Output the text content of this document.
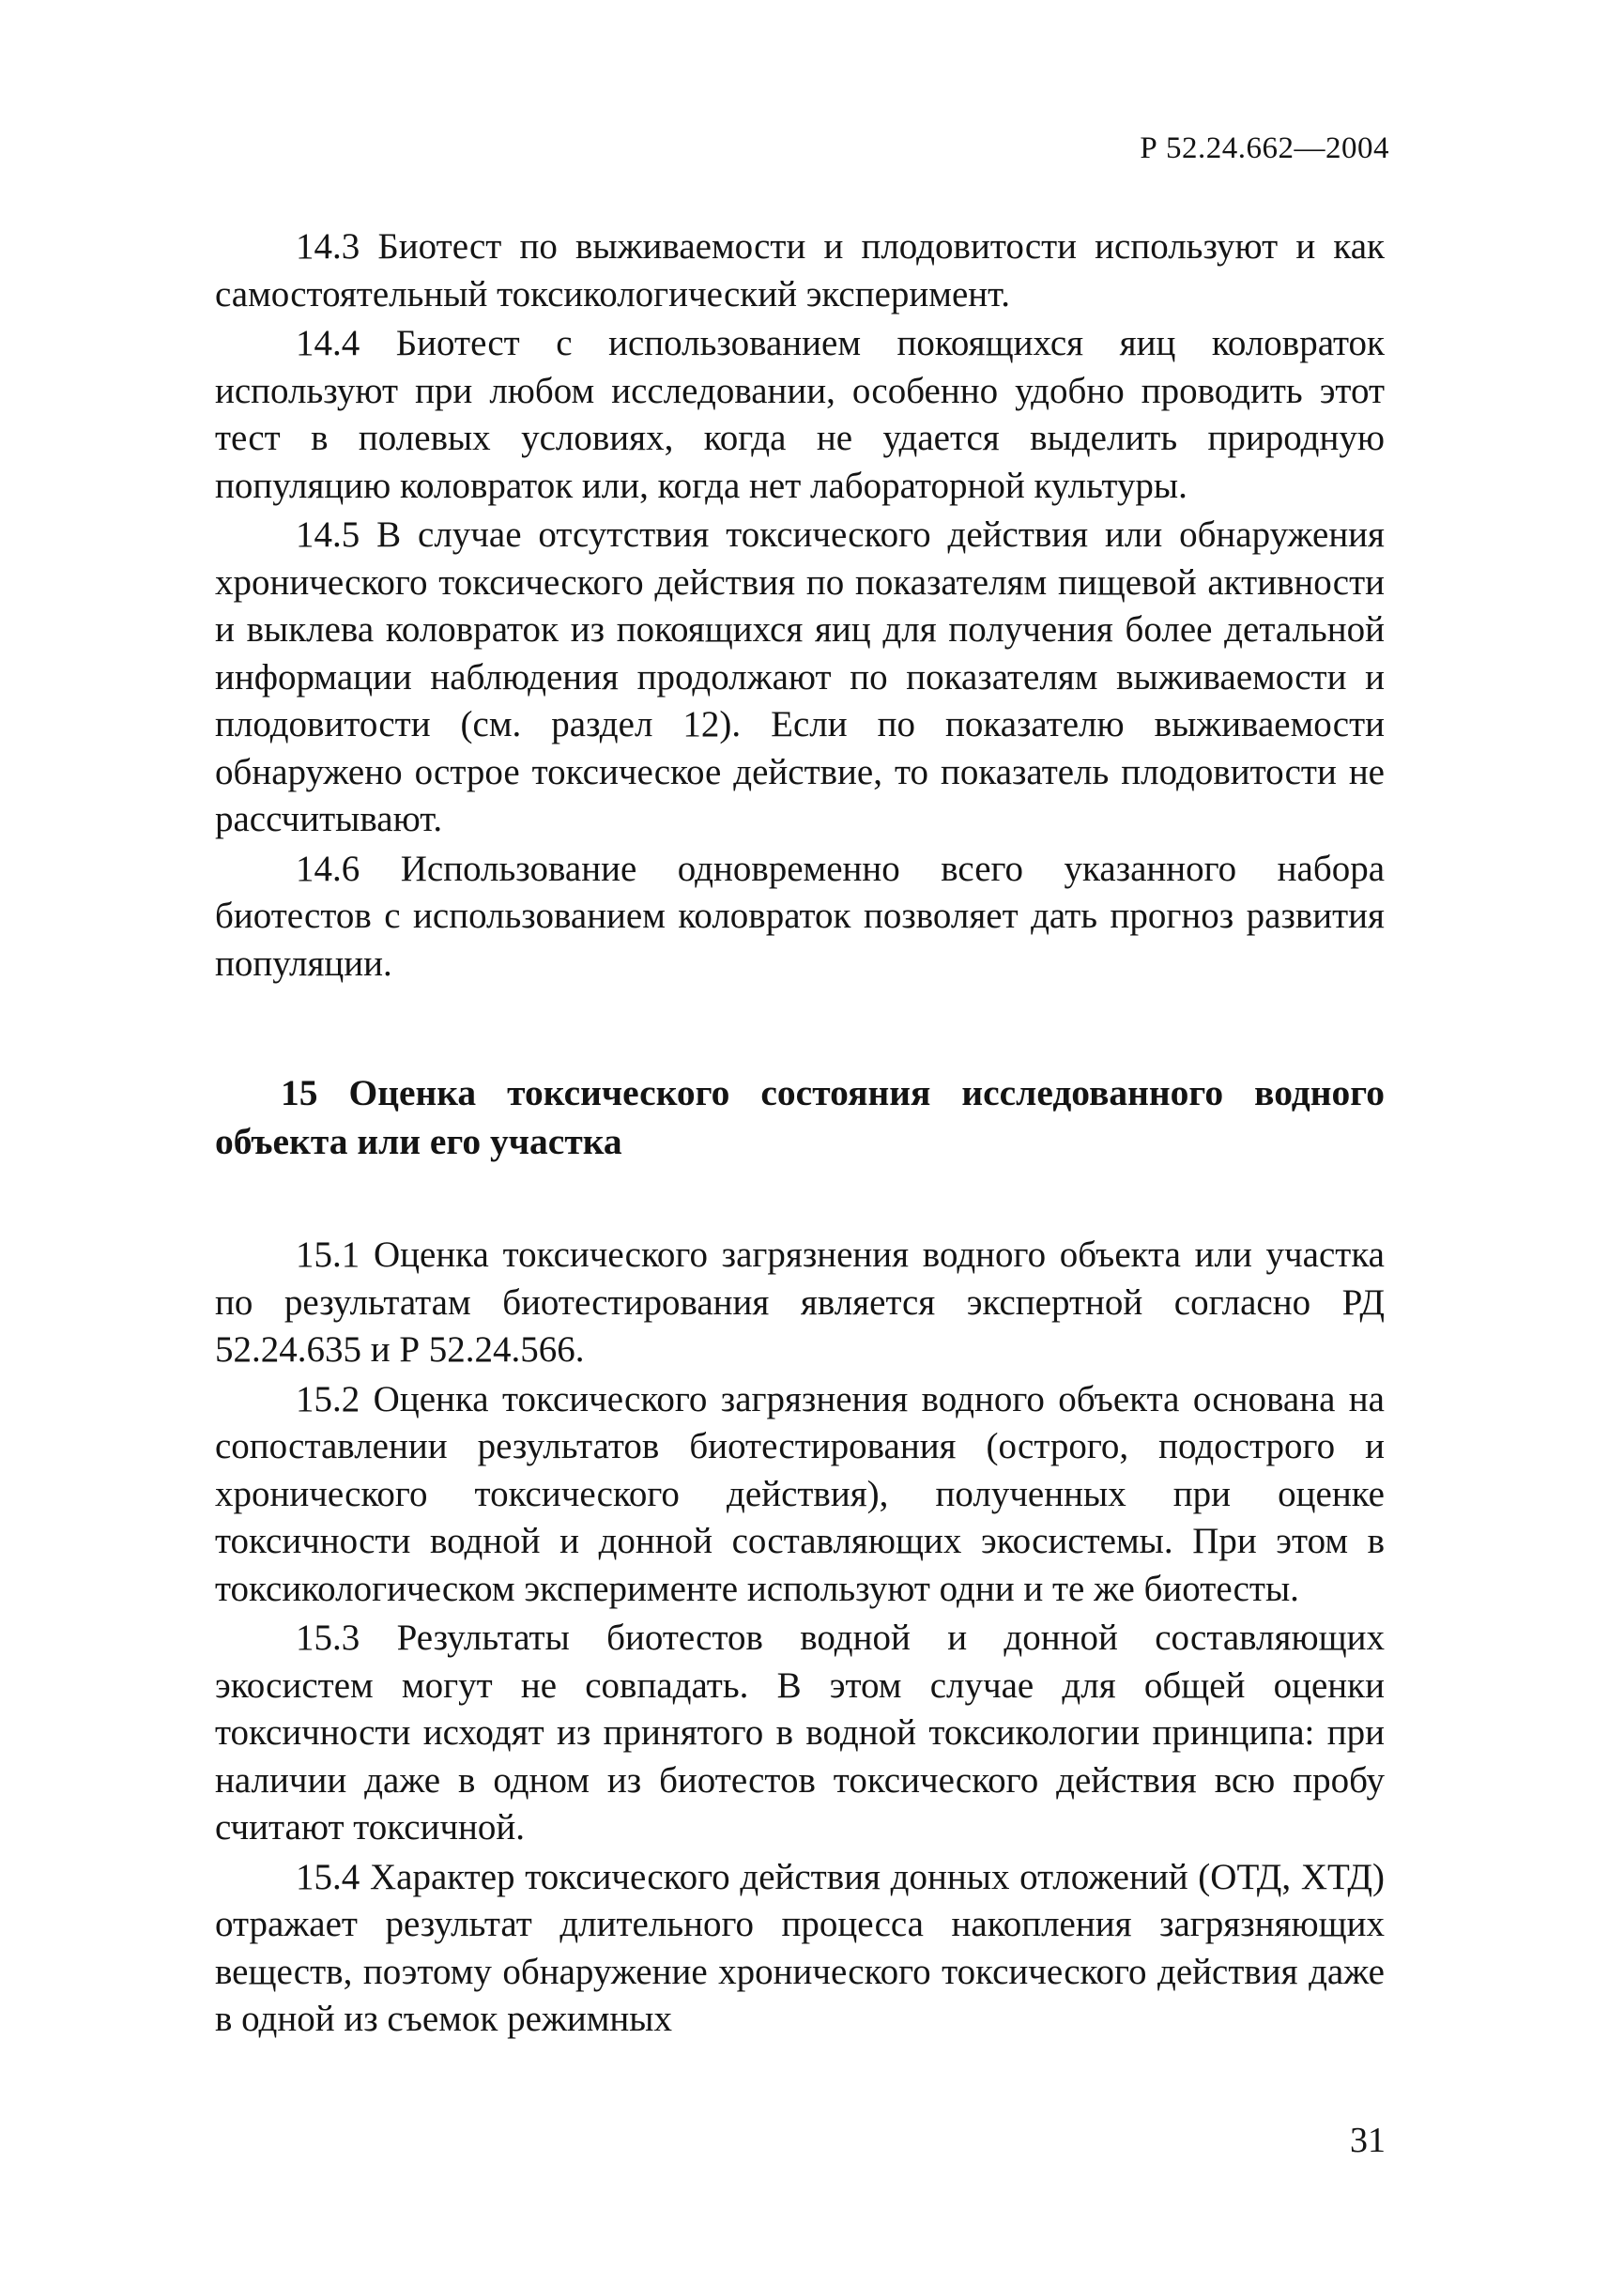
Р 52.24.662—2004

14.3 Биотест по выживаемости и плодовитости используют и как самостоятельный токсикологический эксперимент.

14.4 Биотест с использованием покоящихся яиц коловраток используют при любом исследовании, особенно удобно проводить этот тест в полевых условиях, когда не удается выделить природную популяцию коловраток или, когда нет лабораторной культуры.

14.5 В случае отсутствия токсического действия или обнаружения хронического токсического действия по показателям пищевой активности и выклева коловраток из покоящихся яиц для получения более детальной информации наблюдения продолжают по показателям выживаемости и плодовитости (см. раздел 12). Если по показателю выживаемости обнаружено острое токсическое действие, то показатель плодовитости не рассчитывают.

14.6 Использование одновременно всего указанного набора биотестов с использованием коловраток позволяет дать прогноз развития популяции.

15 Оценка токсического состояния исследованного водного объекта или его участка

15.1 Оценка токсического загрязнения водного объекта или участка по результатам биотестирования является экспертной согласно РД 52.24.635 и Р 52.24.566.

15.2 Оценка токсического загрязнения водного объекта основана на сопоставлении результатов биотестирования (острого, подострого и хронического токсического действия), полученных при оценке токсичности водной и донной составляющих экосистемы. При этом в токсикологическом эксперименте используют одни и те же биотесты.

15.3 Результаты биотестов водной и донной составляющих экосистем могут не совпадать. В этом случае для общей оценки токсичности исходят из принятого в водной токсикологии принципа: при наличии даже в одном из биотестов токсического действия всю пробу считают токсичной.

15.4 Характер токсического действия донных отложений (ОТД, ХТД) отражает результат длительного процесса накопления загрязняющих веществ, поэтому обнаружение хронического токсического действия даже в одной из съемок режимных

31
